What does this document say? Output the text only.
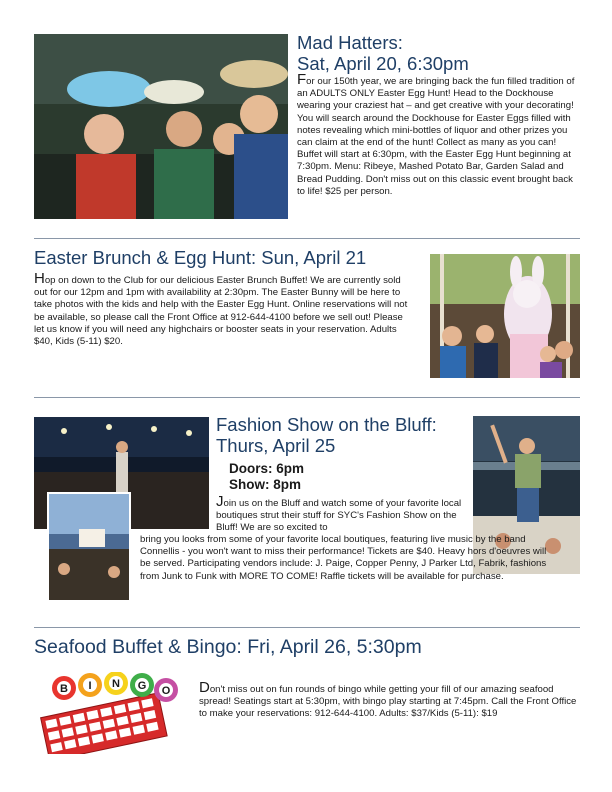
Mad Hatters:
Sat, April 20, 6:30pm
For our 150th year, we are bringing back the fun filled tradition of an ADULTS ONLY Easter Egg Hunt! Head to the Dockhouse wearing your craziest hat – and get creative with your decorating! You will search around the Dockhouse for Easter Eggs filled with notes revealing which mini-bottles of liquor and other prizes you can claim at the end of the hunt! Collect as many as you can! Buffet will start at 6:30pm, with the Easter Egg Hunt beginning at 7:30pm. Menu: Ribeye, Mashed Potato Bar, Garden Salad and Bread Pudding. Don't miss out on this classic event brought back to life! $25 per person.
Easter Brunch & Egg Hunt: Sun, April 21
Hop on down to the Club for our delicious Easter Brunch Buffet! We are currently sold out for our 12pm and 1pm with availability at 2:30pm. The Easter Bunny will be here to take photos with the kids and help with the Easter Egg Hunt. Online reservations will not be available, so please call the Front Office at 912-644-4100 before we sell out! Please let us know if you will need any highchairs or booster seats in your reservation. Adults $40, Kids (5-11) $20.
Fashion Show on the Bluff:
Thurs, April 25
Doors: 6pm
Show: 8pm
Join us on the Bluff and watch some of your favorite local boutiques strut their stuff for SYC's Fashion Show on the Bluff! We are so excited to
bring you looks from some of your favorite local boutiques, featuring live music by the band Connellis - you won't want to miss their performance! Tickets are $40. Heavy hors d'oeuvres will be served. Participating vendors include: J. Paige, Copper Penny, J Parker Ltd, Fabrik, fashions from Junk to Funk with MORE TO COME! Raffle tickets will be available for purchase.
Seafood Buffet & Bingo: Fri, April 26, 5:30pm
B I N G O Don't miss out on fun rounds of bingo while getting your fill of our amazing seafood spread! Seatings start at 5:30pm, with bingo play starting at 7:45pm. Call the Front Office to make your reservations: 912-644-4100. Adults: $37/Kids (5-11): $19
